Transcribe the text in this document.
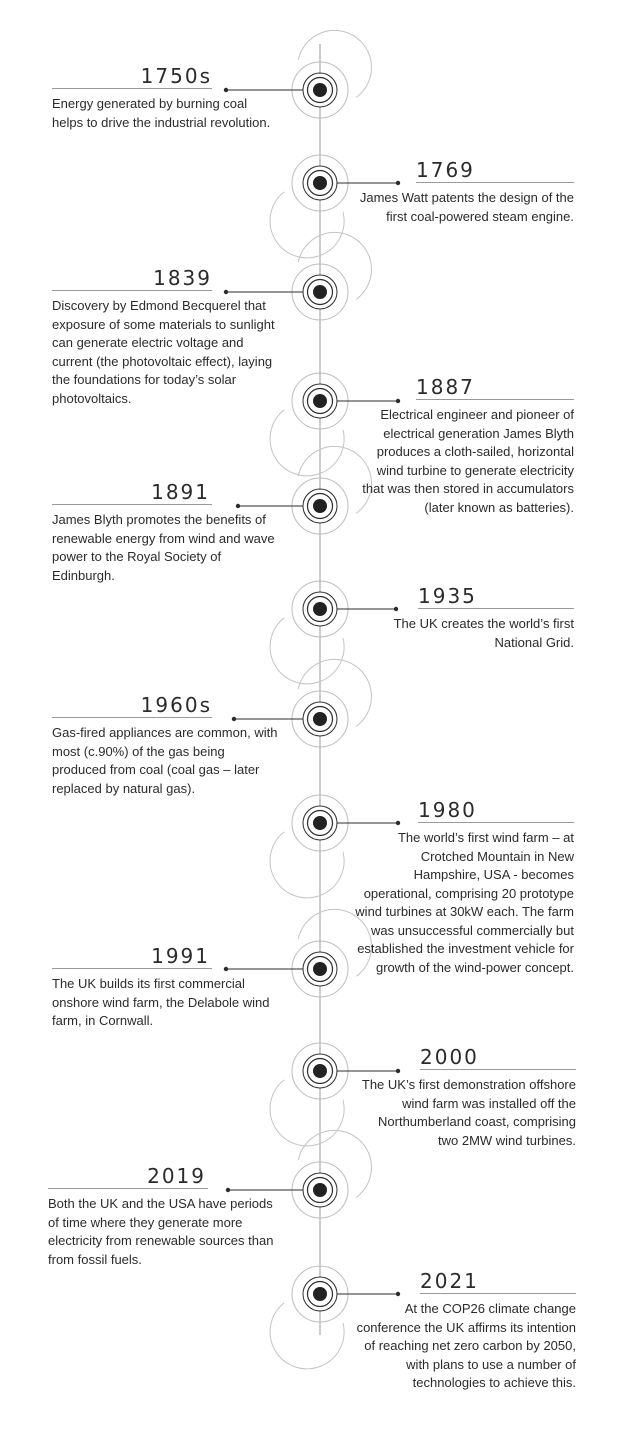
1750s
Energy generated by burning coal helps to drive the industrial revolution.
1769
James Watt patents the design of the first coal-powered steam engine.
1839
Discovery by Edmond Becquerel that exposure of some materials to sunlight can generate electric voltage and current (the photovoltaic effect), laying the foundations for today’s solar photovoltaics.	1887
Electrical engineer and pioneer of electrical generation James Blyth produces a cloth-sailed, horizontal wind turbine to generate electricity that was then stored in accumulators (later known as batteries).
1891
James Blyth promotes the benefits of renewable energy from wind and wave power to the Royal Society of Edinburgh.
1935
The UK creates the world’s first National Grid.
1960s
Gas-fired appliances are common, with most (c.90%) of the gas being produced from coal (coal gas – later replaced by natural gas).
1980
The world’s first wind farm – at Crotched Mountain in New Hampshire, USA - becomes operational, comprising 20 prototype wind turbines at 30kW each. The farm was unsuccessful commercially but established the investment vehicle for growth of the wind-power concept.
1991
The UK builds its first commercial onshore wind farm, the Delabole wind farm, in Cornwall.
2000
The UK’s first demonstration offshore wind farm was installed off the Northumberland coast, comprising two 2MW wind turbines.
2019
Both the UK and the USA have periods of time where they generate more electricity from renewable sources than from fossil fuels.
2021
At the COP26 climate change conference the UK affirms its intention of reaching net zero carbon by 2050, with plans to use a number of technologies to achieve this.
